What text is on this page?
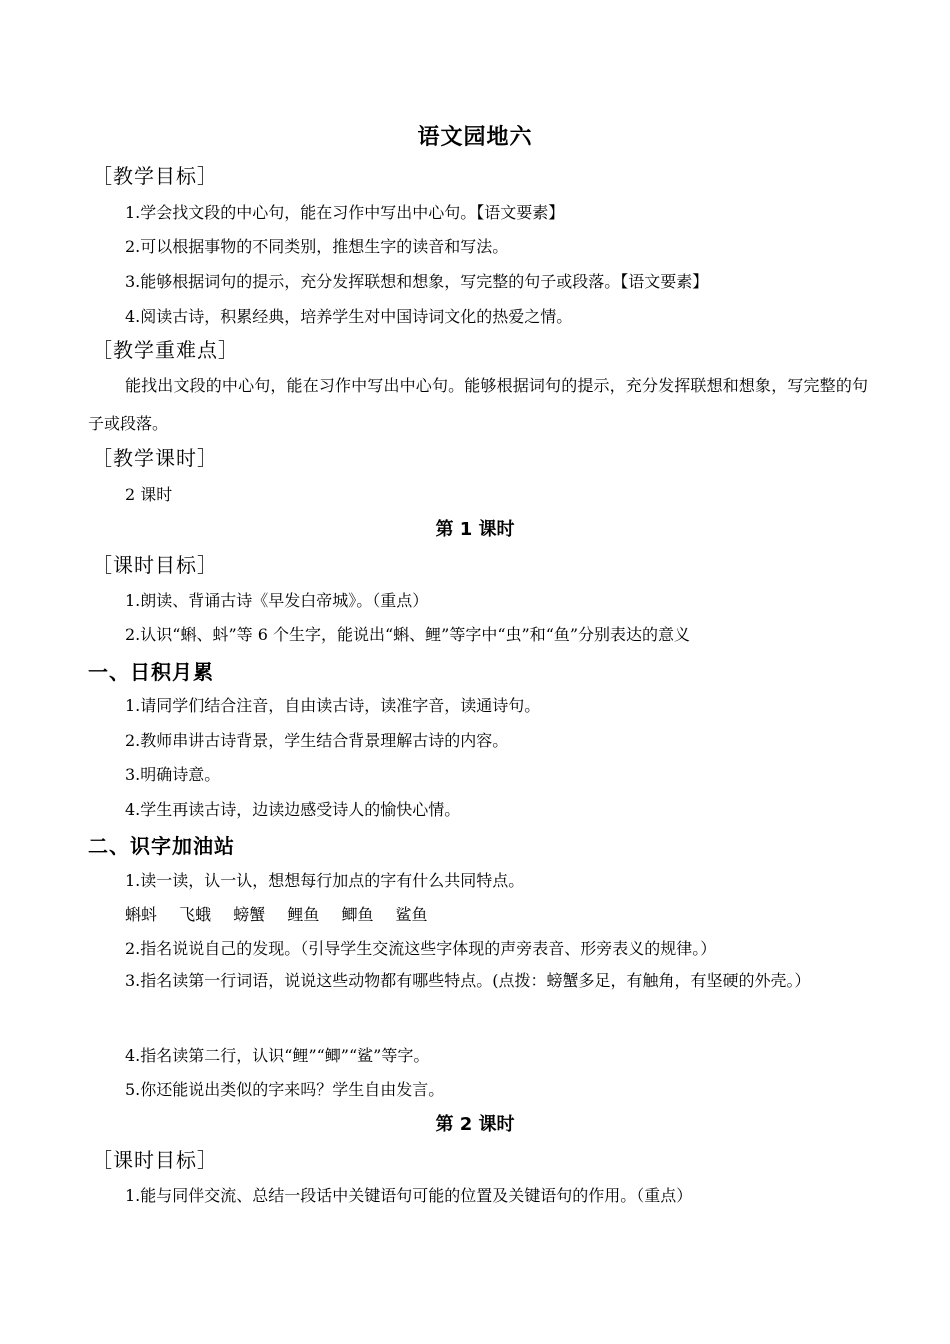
语文园地六
［教学目标］
1.学会找文段的中心句，能在习作中写出中心句。【语文要素】
2.可以根据事物的不同类别，推想生字的读音和写法。
3.能够根据词句的提示，充分发挥联想和想象，写完整的句子或段落。【语文要素】
4.阅读古诗，积累经典，培养学生对中国诗词文化的热爱之情。
［教学重难点］
能找出文段的中心句，能在习作中写出中心句。能够根据词句的提示，充分发挥联想和想象，写完整的句子或段落。
［教学课时］
2 课时
第 1 课时
［课时目标］
1.朗读、背诵古诗《早发白帝城》。（重点）
2.认识“蝌、蚪”等 6 个生字，能说出“蝌、鲤”等字中“虫”和“鱼”分别表达的意义
一、日积月累
1.请同学们结合注音，自由读古诗，读准字音，读通诗句。
2.教师串讲古诗背景，学生结合背景理解古诗的内容。
3.明确诗意。
4.学生再读古诗，边读边感受诗人的愉快心情。
二、识字加油站
1.读一读，认一认，想想每行加点的字有什么共同特点。
蝌蚪 飞蛾 螃蟹 鲤鱼 鲫鱼 鲨鱼
2.指名说说自己的发现。（引导学生交流这些字体现的声旁表音、形旁表义的规律。）
3.指名读第一行词语，说说这些动物都有哪些特点。(点拨：螃蟹多足，有触角，有坚硬的外壳。）
4.指名读第二行，认识“鲤”“鲫”“鲨”等字。
5.你还能说出类似的字来吗？学生自由发言。
第 2 课时
［课时目标］
1.能与同伴交流、总结一段话中关键语句可能的位置及关键语句的作用。（重点）
